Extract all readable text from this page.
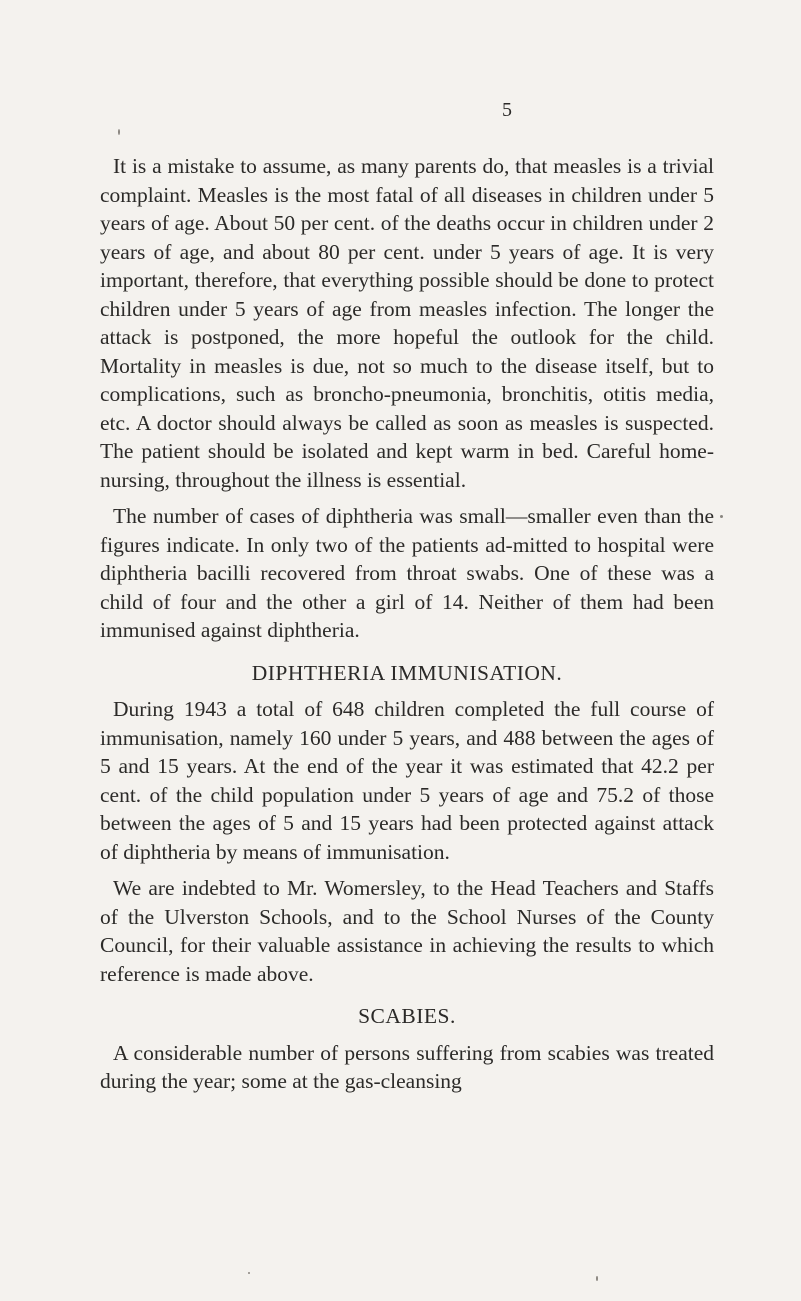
5

It is a mistake to assume, as many parents do, that measles is a trivial complaint. Measles is the most fatal of all diseases in children under 5 years of age. About 50 per cent. of the deaths occur in children under 2 years of age, and about 80 per cent. under 5 years of age. It is very important, therefore, that everything possible should be done to protect children under 5 years of age from measles infection. The longer the attack is postponed, the more hopeful the outlook for the child. Mortality in measles is due, not so much to the disease itself, but to complications, such as broncho-pneumonia, bronchitis, otitis media, etc. A doctor should always be called as soon as measles is suspected. The patient should be isolated and kept warm in bed. Careful home-nursing, throughout the illness is essential.

The number of cases of diphtheria was small—smaller even than the figures indicate. In only two of the patients ad-mitted to hospital were diphtheria bacilli recovered from throat swabs. One of these was a child of four and the other a girl of 14. Neither of them had been immunised against diphtheria.

DIPHTHERIA IMMUNISATION.

During 1943 a total of 648 children completed the full course of immunisation, namely 160 under 5 years, and 488 between the ages of 5 and 15 years. At the end of the year it was estimated that 42.2 per cent. of the child population under 5 years of age and 75.2 of those between the ages of 5 and 15 years had been protected against attack of diphtheria by means of immunisation.

We are indebted to Mr. Womersley, to the Head Teachers and Staffs of the Ulverston Schools, and to the School Nurses of the County Council, for their valuable assistance in achieving the results to which reference is made above.

SCABIES.

A considerable number of persons suffering from scabies was treated during the year; some at the gas-cleansing
